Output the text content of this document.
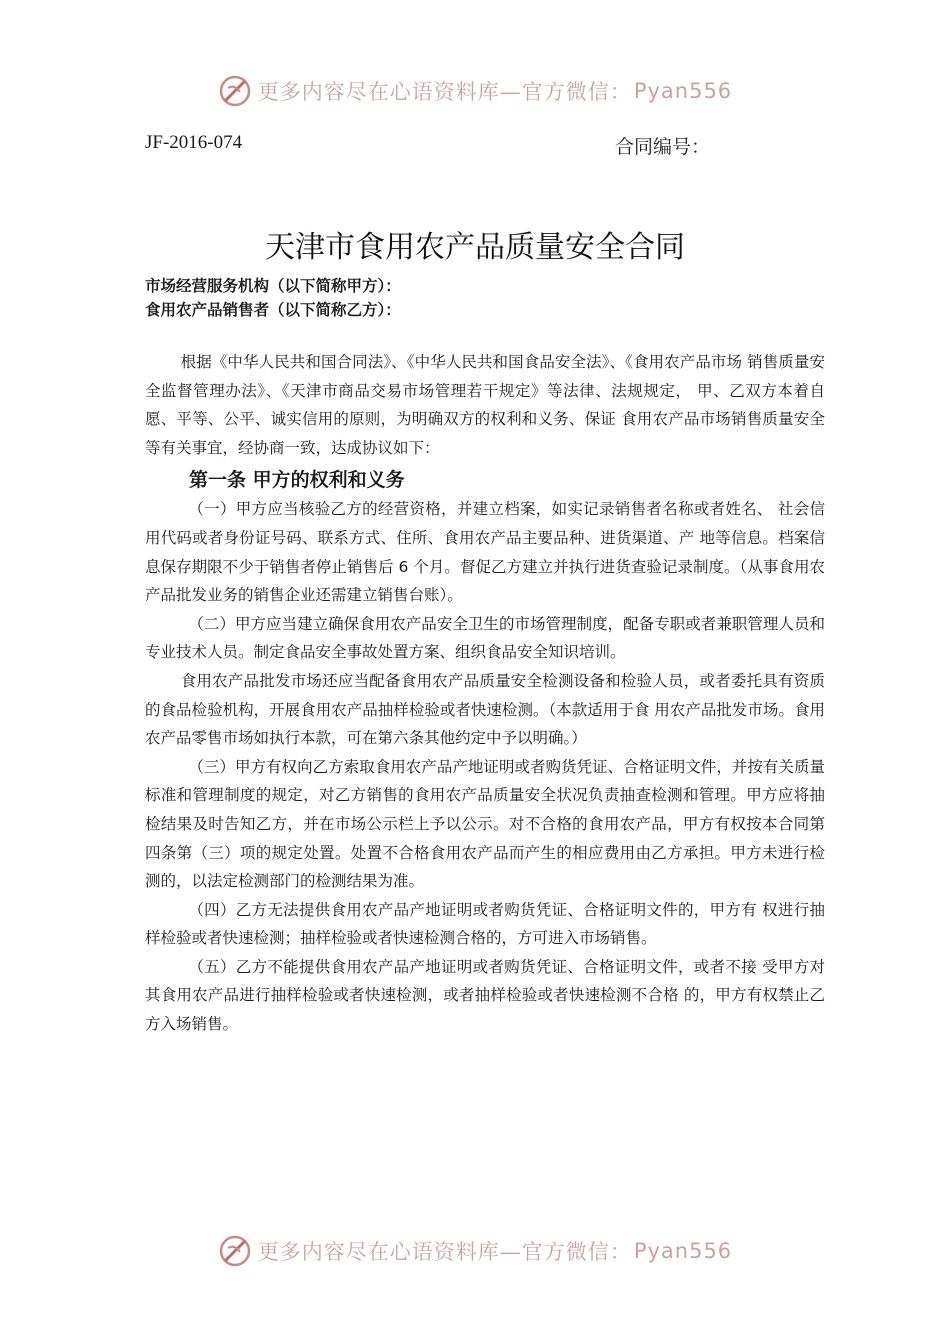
更多内容尽在心语资料库—官方微信： Pyan556
JF-2016-074	合同编号：
天津市食用农产品质量安全合同
市场经营服务机构（以下简称甲方）：
食用农产品销售者（以下简称乙方）：

根据《中华人民共和国合同法》、《中华人民共和国食品安全法》、《食用农产品市场 销售质量安全监督管理办法》、《天津市商品交易市场管理若干规定》等法律、法规规定， 甲、乙双方本着自愿、平等、公平、诚实信用的原则，为明确双方的权利和义务、保证 食用农产品市场销售质量安全等有关事宜，经协商一致，达成协议如下：

第一条 甲方的权利和义务

（一）甲方应当核验乙方的经营资格，并建立档案，如实记录销售者名称或者姓名、 社会信用代码或者身份证号码、联系方式、住所、食用农产品主要品种、进货渠道、产 地等信息。档案信息保存期限不少于销售者停止销售后 6 个月。督促乙方建立并执行进货查验记录制度。（从事食用农产品批发业务的销售企业还需建立销售台账）。

（二）甲方应当建立确保食用农产品安全卫生的市场管理制度，配备专职或者兼职管理人员和专业技术人员。制定食品安全事故处置方案、组织食品安全知识培训。

食用农产品批发市场还应当配备食用农产品质量安全检测设备和检验人员，或者委托具有资质的食品检验机构，开展食用农产品抽样检验或者快速检测。（本款适用于食 用农产品批发市场。食用农产品零售市场如执行本款，可在第六条其他约定中予以明确。）

（三）甲方有权向乙方索取食用农产品产地证明或者购货凭证、合格证明文件，并按有关质量标准和管理制度的规定，对乙方销售的食用农产品质量安全状况负责抽查检测和管理。甲方应将抽检结果及时告知乙方，并在市场公示栏上予以公示。对不合格的食用农产品，甲方有权按本合同第四条第（三）项的规定处置。处置不合格食用农产品而产生的相应费用由乙方承担。甲方未进行检测的，以法定检测部门的检测结果为准。

（四）乙方无法提供食用农产品产地证明或者购货凭证、合格证明文件的，甲方有 权进行抽样检验或者快速检测；抽样检验或者快速检测合格的，方可进入市场销售。

（五）乙方不能提供食用农产品产地证明或者购货凭证、合格证明文件，或者不接 受甲方对其食用农产品进行抽样检验或者快速检测，或者抽样检验或者快速检测不合格 的，甲方有权禁止乙方入场销售。

更多内容尽在心语资料库—官方微信： Pyan556
